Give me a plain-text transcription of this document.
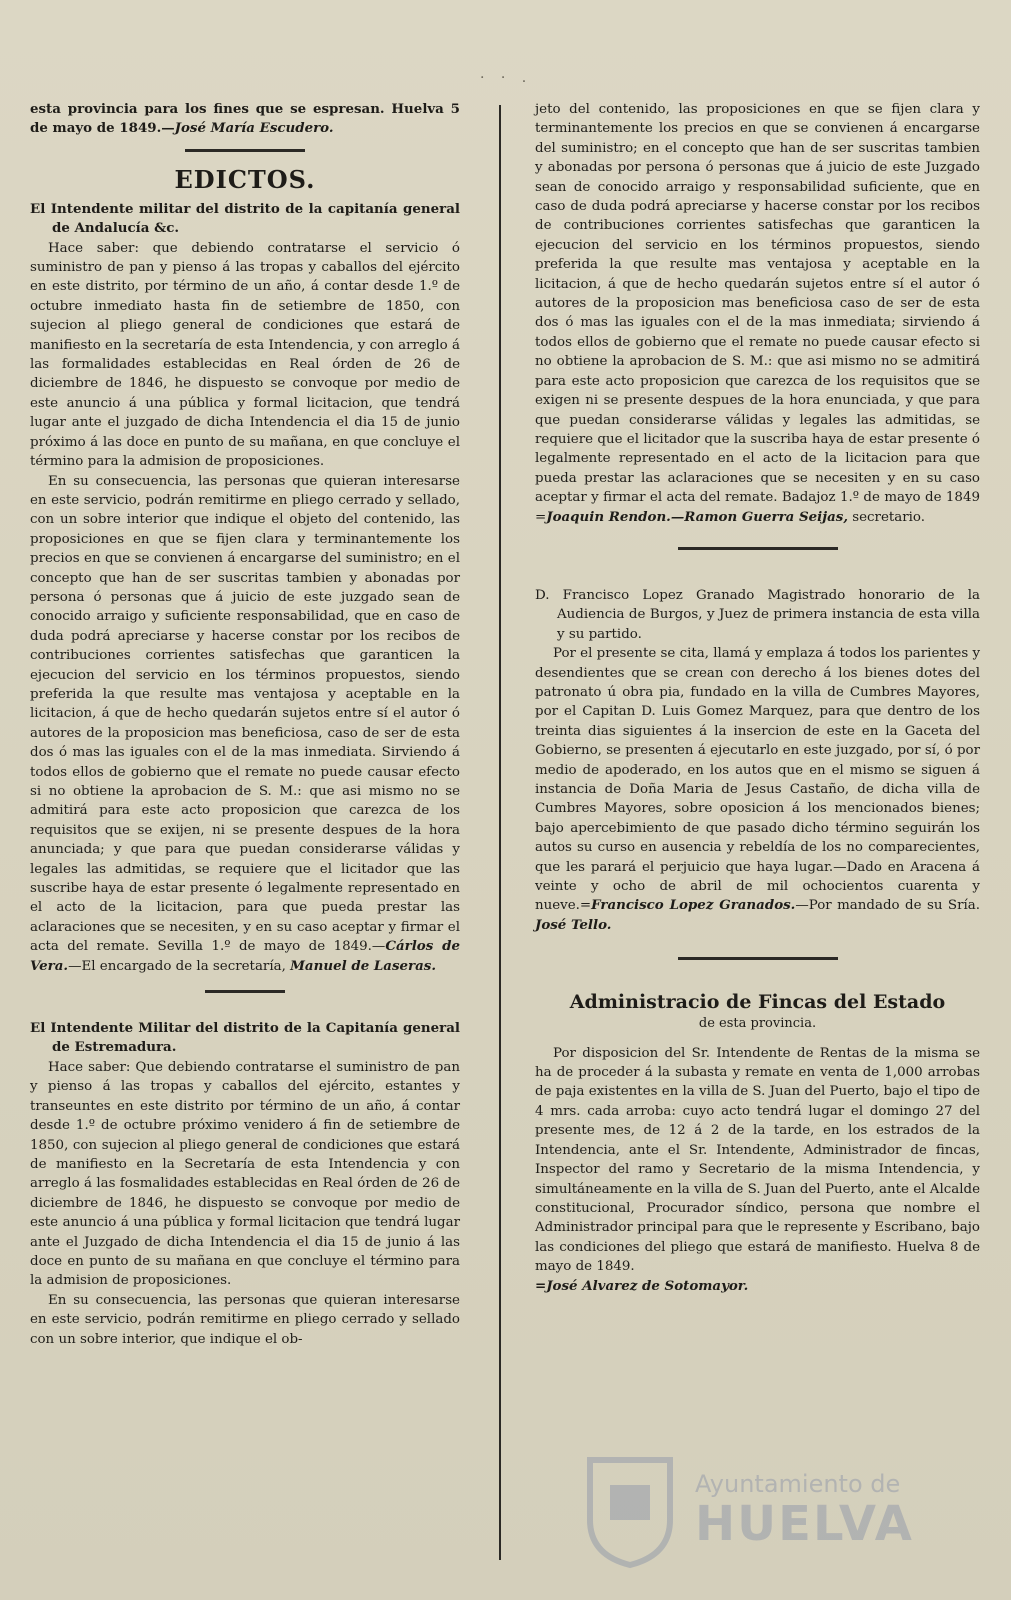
· · .

esta provincia para los fines que se espresan. Huelva 5 de mayo de 1849.—José María Escudero.

EDICTOS.

El Intendente militar del distrito de la capitanía general de Andalucía &c.

Hace saber: que debiendo contratarse el servicio ó suministro de pan y pienso á las tropas y caballos del ejército en este distrito, por término de un año, á contar desde 1.º de octubre inmediato hasta fin de setiembre de 1850, con sujecion al pliego general de condiciones que estará de manifiesto en la secretaría de esta Intendencia, y con arreglo á las formalidades establecidas en Real órden de 26 de diciembre de 1846, he dispuesto se convoque por medio de este anuncio á una pública y formal licitacion, que tendrá lugar ante el juzgado de dicha Intendencia el dia 15 de junio próximo á las doce en punto de su mañana, en que concluye el término para la admision de proposiciones.

En su consecuencia, las personas que quieran interesarse en este servicio, podrán remitirme en pliego cerrado y sellado, con un sobre interior que indique el objeto del contenido, las proposiciones en que se fijen clara y terminantemente los precios en que se convienen á encargarse del suministro; en el concepto que han de ser suscritas tambien y abonadas por persona ó personas que á juicio de este juzgado sean de conocido arraigo y suficiente responsabilidad, que en caso de duda podrá apreciarse y hacerse constar por los recibos de contribuciones corrientes satisfechas que garanticen la ejecucion del servicio en los términos propuestos, siendo preferida la que resulte mas ventajosa y aceptable en la licitacion, á que de hecho quedarán sujetos entre sí el autor ó autores de la proposicion mas beneficiosa, caso de ser de esta dos ó mas las iguales con el de la mas inmediata. Sirviendo á todos ellos de gobierno que el remate no puede causar efecto si no obtiene la aprobacion de S. M.: que asi mismo no se admitirá para este acto proposicion que carezca de los requisitos que se exijen, ni se presente despues de la hora anunciada; y que para que puedan considerarse válidas y legales las admitidas, se requiere que el licitador que las suscribe haya de estar presente ó legalmente representado en el acto de la licitacion, para que pueda prestar las aclaraciones que se necesiten, y en su caso aceptar y firmar el acta del remate. Sevilla 1.º de mayo de 1849.—Cárlos de Vera.—El encargado de la secretaría, Manuel de Laseras.

El Intendente Militar del distrito de la Capitanía general de Estremadura.

Hace saber: Que debiendo contratarse el suministro de pan y pienso á las tropas y caballos del ejército, estantes y transeuntes en este distrito por término de un año, á contar desde 1.º de octubre próximo venidero á fin de setiembre de 1850, con sujecion al pliego general de condiciones que estará de manifiesto en la Secretaría de esta Intendencia y con arreglo á las fosmalidades establecidas en Real órden de 26 de diciembre de 1846, he dispuesto se convoque por medio de este anuncio á una pública y formal licitacion que tendrá lugar ante el Juzgado de dicha Intendencia el dia 15 de junio á las doce en punto de su mañana en que concluye el término para la admision de proposiciones.

En su consecuencia, las personas que quieran interesarse en este servicio, podrán remitirme en pliego cerrado y sellado con un sobre interior, que indique el ob-

jeto del contenido, las proposiciones en que se fijen clara y terminantemente los precios en que se convienen á encargarse del suministro; en el concepto que han de ser suscritas tambien y abonadas por persona ó personas que á juicio de este Juzgado sean de conocido arraigo y responsabilidad suficiente, que en caso de duda podrá apreciarse y hacerse constar por los recibos de contribuciones corrientes satisfechas que garanticen la ejecucion del servicio en los términos propuestos, siendo preferida la que resulte mas ventajosa y aceptable en la licitacion, á que de hecho quedarán sujetos entre sí el autor ó autores de la proposicion mas beneficiosa caso de ser de esta dos ó mas las iguales con el de la mas inmediata; sirviendo á todos ellos de gobierno que el remate no puede causar efecto si no obtiene la aprobacion de S. M.: que asi mismo no se admitirá para este acto proposicion que carezca de los requisitos que se exigen ni se presente despues de la hora enunciada, y que para que puedan considerarse válidas y legales las admitidas, se requiere que el licitador que la suscriba haya de estar presente ó legalmente representado en el acto de la licitacion para que pueda prestar las aclaraciones que se necesiten y en su caso aceptar y firmar el acta del remate. Badajoz 1.º de mayo de 1849 =Joaquin Rendon.—Ramon Guerra Seijas, secretario.

D. Francisco Lopez Granado Magistrado honorario de la Audiencia de Burgos, y Juez de primera instancia de esta villa y su partido.

Por el presente se cita, llamá y emplaza á todos los parientes y desendientes que se crean con derecho á los bienes dotes del patronato ú obra pia, fundado en la villa de Cumbres Mayores, por el Capitan D. Luis Gomez Marquez, para que dentro de los treinta dias siguientes á la insercion de este en la Gaceta del Gobierno, se presenten á ejecutarlo en este juzgado, por sí, ó por medio de apoderado, en los autos que en el mismo se siguen á instancia de Doña Maria de Jesus Castaño, de dicha villa de Cumbres Mayores, sobre oposicion á los mencionados bienes; bajo apercebimiento de que pasado dicho término seguirán los autos su curso en ausencia y rebeldía de los no comparecientes, que les parará el perjuicio que haya lugar.—Dado en Aracena á veinte y ocho de abril de mil ochocientos cuarenta y nueve.=Francisco Lopez Granados.—Por mandado de su Sría. José Tello.

Administracio de Fincas del Estado
de esta provincia.

Por disposicion del Sr. Intendente de Rentas de la misma se ha de proceder á la subasta y remate en venta de 1,000 arrobas de paja existentes en la villa de S. Juan del Puerto, bajo el tipo de 4 mrs. cada arroba: cuyo acto tendrá lugar el domingo 27 del presente mes, de 12 á 2 de la tarde, en los estrados de la Intendencia, ante el Sr. Intendente, Administrador de fincas, Inspector del ramo y Secretario de la misma Intendencia, y simultáneamente en la villa de S. Juan del Puerto, ante el Alcalde constitucional, Procurador síndico, persona que nombre el Administrador principal para que le represente y Escribano, bajo las condiciones del pliego que estará de manifiesto. Huelva 8 de mayo de 1849.

=José Alvarez de Sotomayor.

Ayuntamiento de
HUELVA
